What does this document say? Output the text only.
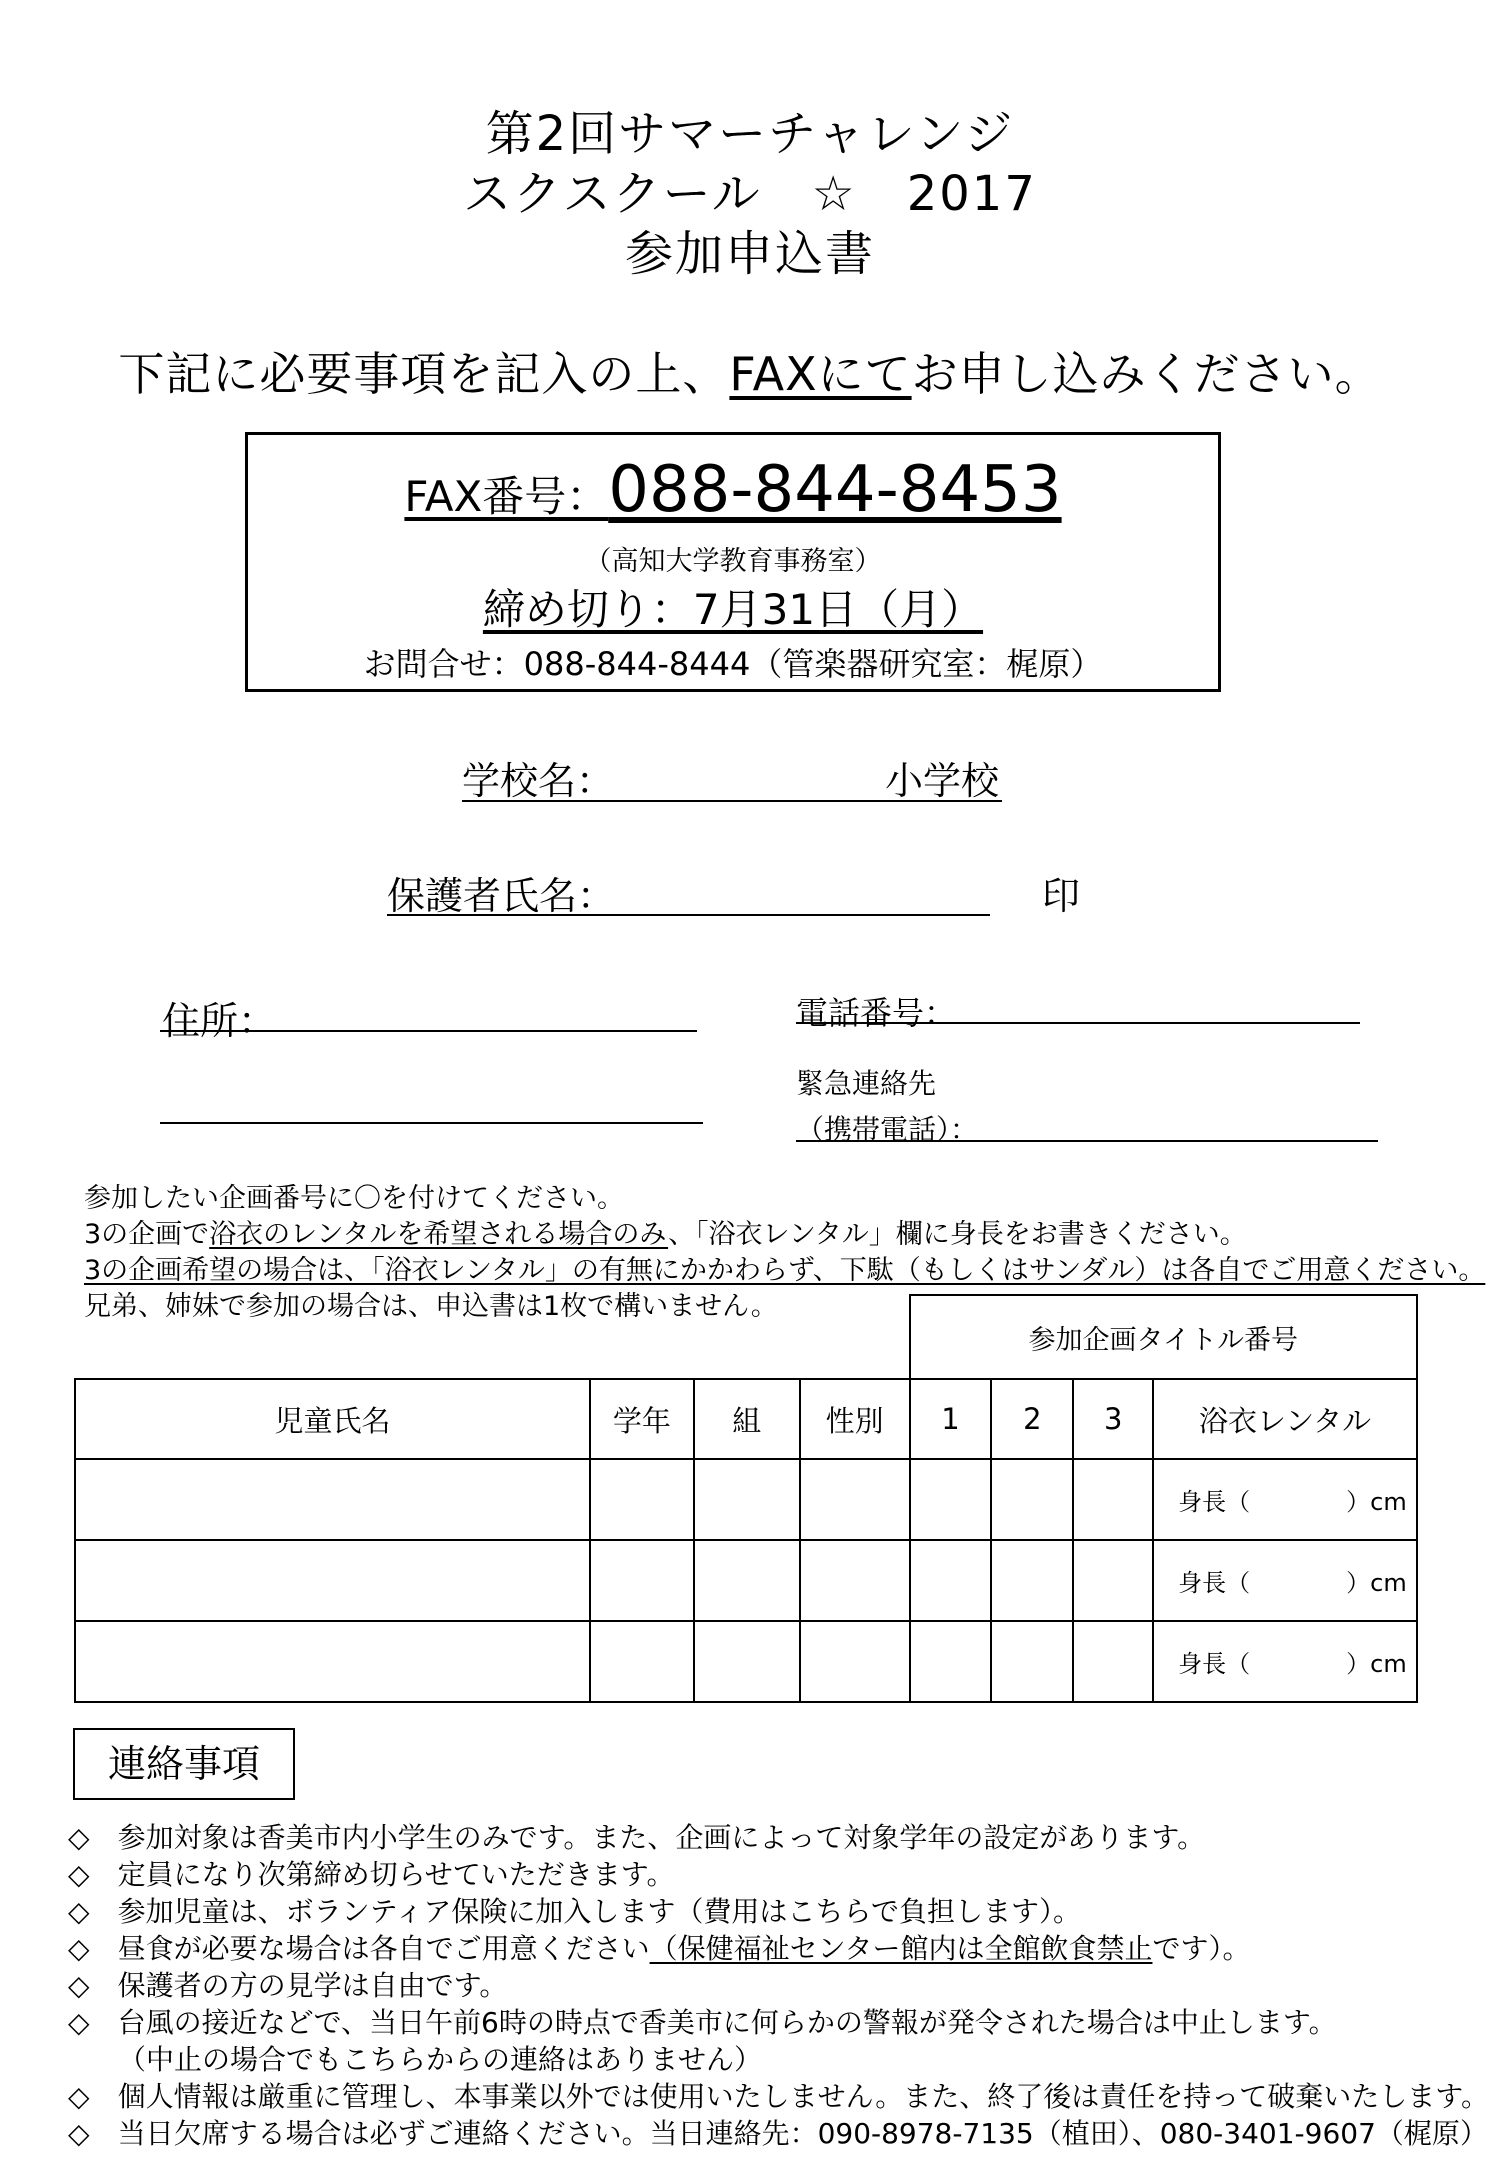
第2回サマーチャレンジ
スクスクール　☆　2017
参加申込書
下記に必要事項を記入の上、FAXにてお申し込みください。
FAX番号：088-844-8453
（高知大学教育事務室）
締め切り：7月31日（月）
お問合せ：088-844-8444（管楽器研究室：梶原）
学校名：	小学校
保護者氏名：	印
住所：	電話番号：
緊急連絡先
（携帯電話）：
参加したい企画番号に〇を付けてください。
3の企画で浴衣のレンタルを希望される場合のみ、「浴衣レンタル」欄に身長をお書きください。
3の企画希望の場合は、「浴衣レンタル」の有無にかかわらず、下駄（もしくはサンダル）は各自でご用意ください。
兄弟、姉妹で参加の場合は、申込書は1枚で構いません。
				参加企画タイトル番号			
児童氏名	学年	組	性別	1	2	3	浴衣レンタル
							身長（　　　　）cm
							身長（　　　　）cm
							身長（　　　　）cm
連絡事項
◇　 参加対象は香美市内小学生のみです。また、企画によって対象学年の設定があります。
◇　 定員になり次第締め切らせていただきます。
◇　 参加児童は、ボランティア保険に加入します（費用はこちらで負担します）。
◇　 昼食が必要な場合は各自でご用意ください（保健福祉センター館内は全館飲食禁止です）。
◇　 保護者の方の見学は自由です。
◇　 台風の接近などで、当日午前6時の時点で香美市に何らかの警報が発令された場合は中止します。
（中止の場合でもこちらからの連絡はありません）
◇　 個人情報は厳重に管理し、本事業以外では使用いたしません。また、終了後は責任を持って破棄いたします。
◇　 当日欠席する場合は必ずご連絡ください。当日連絡先：090-8978-7135（植田）、080-3401-9607（梶原）
